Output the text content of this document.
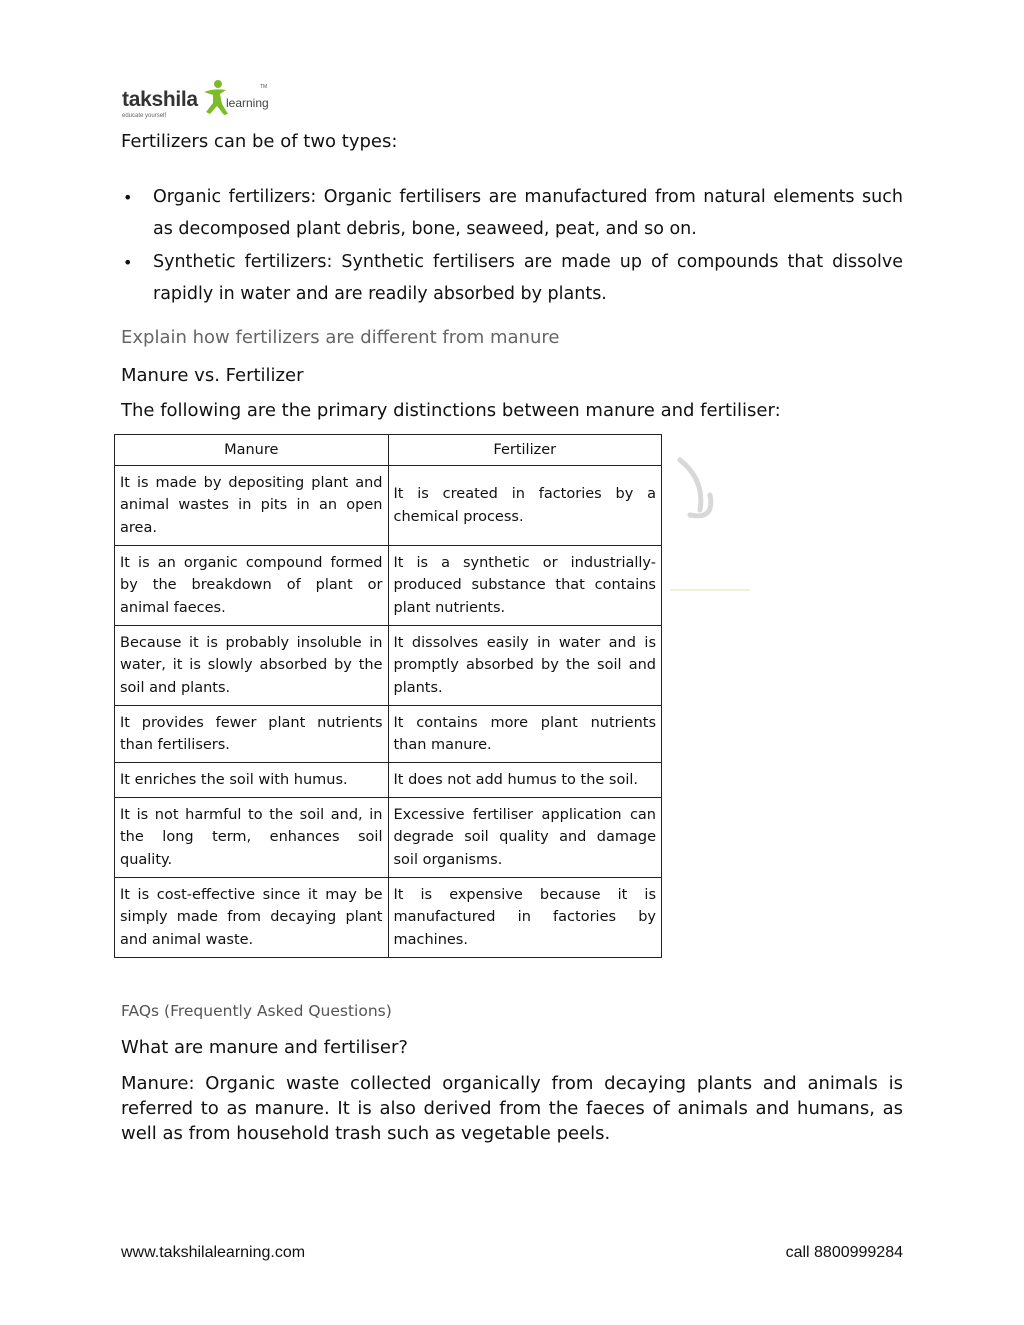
takshila learning
TM
educate yourself

Fertilizers can be of two types:

• Organic fertilizers: Organic fertilisers are manufactured from natural elements such as decomposed plant debris, bone, seaweed, peat, and so on.
• Synthetic fertilizers: Synthetic fertilisers are made up of compounds that dissolve rapidly in water and are readily absorbed by plants.

Explain how fertilizers are different from manure

Manure vs. Fertilizer

The following are the primary distinctions between manure and fertiliser:

Manure	Fertilizer
It is made by depositing plant and animal wastes in pits in an open area.	It is created in factories by a chemical process.
It is an organic compound formed by the breakdown of plant or animal faeces.	It is a synthetic or industrially-produced substance that contains plant nutrients.
Because it is probably insoluble in water, it is slowly absorbed by the soil and plants.	It dissolves easily in water and is promptly absorbed by the soil and plants.
It provides fewer plant nutrients than fertilisers.	It contains more plant nutrients than manure.
It enriches the soil with humus.	It does not add humus to the soil.
It is not harmful to the soil and, in the long term, enhances soil quality.	Excessive fertiliser application can degrade soil quality and damage soil organisms.
It is cost-effective since it may be simply made from decaying plant and animal waste.	It is expensive because it is manufactured in factories by machines.

FAQs (Frequently Asked Questions)

What are manure and fertiliser?

Manure: Organic waste collected organically from decaying plants and animals is referred to as manure. It is also derived from the faeces of animals and humans, as well as from household trash such as vegetable peels.

www.takshilalearning.com	call 8800999284
